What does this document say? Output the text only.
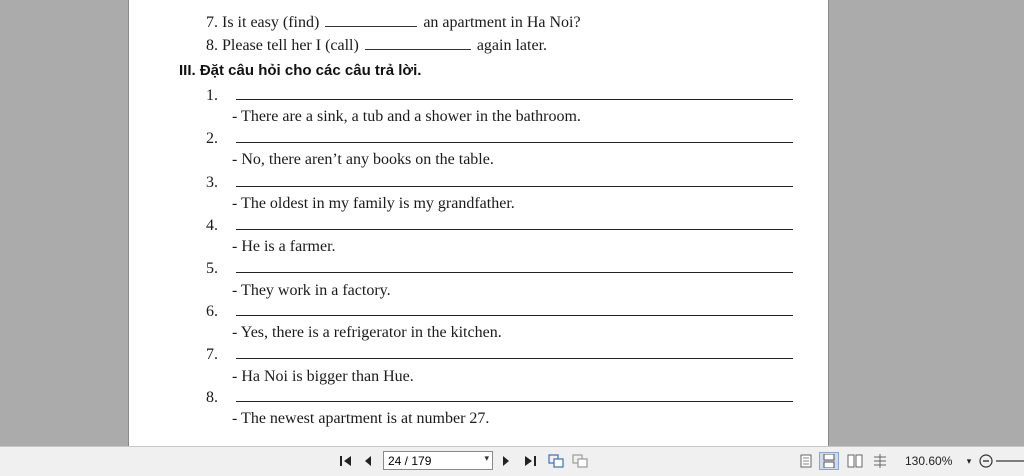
7. Is it easy (find)	an apartment in Ha Noi?
8. Please tell her I (call)	again later.
III. Đặt câu hỏi cho các câu trả lời.
1.
- There are a sink, a tub and a shower in the bathroom.
2.
- No, there aren’t any books on the table.
3.
- The oldest in my family is my grandfather.
4.
- He is a farmer.
5.
- They work in a factory.
6.
- Yes, there is a refrigerator in the kitchen.
7.
- Ha Noi is bigger than Hue.
8.
- The newest apartment is at number 27.
24 / 179	▾	130.60%	▾
